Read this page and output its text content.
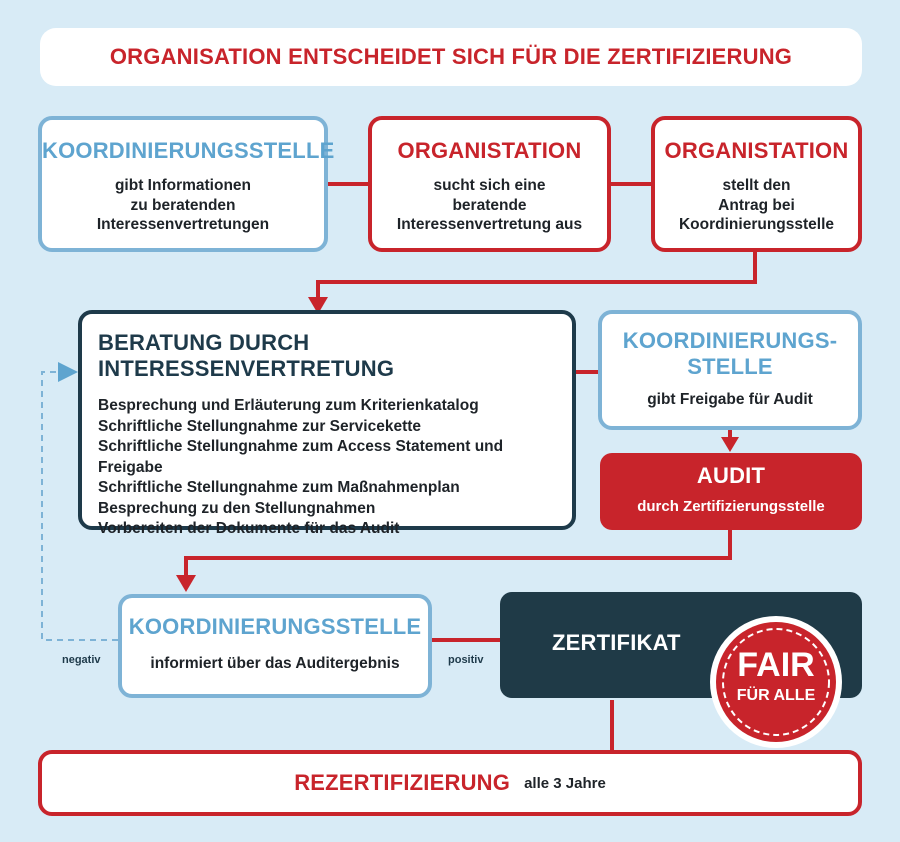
ORGANISATION ENTSCHEIDET SICH FÜR DIE ZERTIFIZIERUNG
KOORDINIERUNGSSTELLE
gibt Informationen
zu beratenden
Interessenvertretungen
ORGANISTATION
sucht sich eine
beratende
Interessenvertretung aus
ORGANISTATION
stellt den
Antrag bei
Koordinierungsstelle
BERATUNG DURCH INTERESSENVERTRETUNG
Besprechung und Erläuterung zum Kriterienkatalog
Schriftliche Stellungnahme zur Servicekette
Schriftliche Stellungnahme zum Access Statement und
Freigabe
Schriftliche Stellungnahme zum Maßnahmenplan
Besprechung zu den Stellungnahmen
Vorbereiten der Dokumente für das Audit
KOORDINIERUNGS-
STELLE
gibt Freigabe für Audit
AUDIT
durch Zertifizierungsstelle
KOORDINIERUNGSSTELLE
informiert über das Auditergebnis
ZERTIFIKAT
FAIR
FÜR ALLE
negativ	positiv
REZERTIFIZIERUNG alle 3 Jahre
